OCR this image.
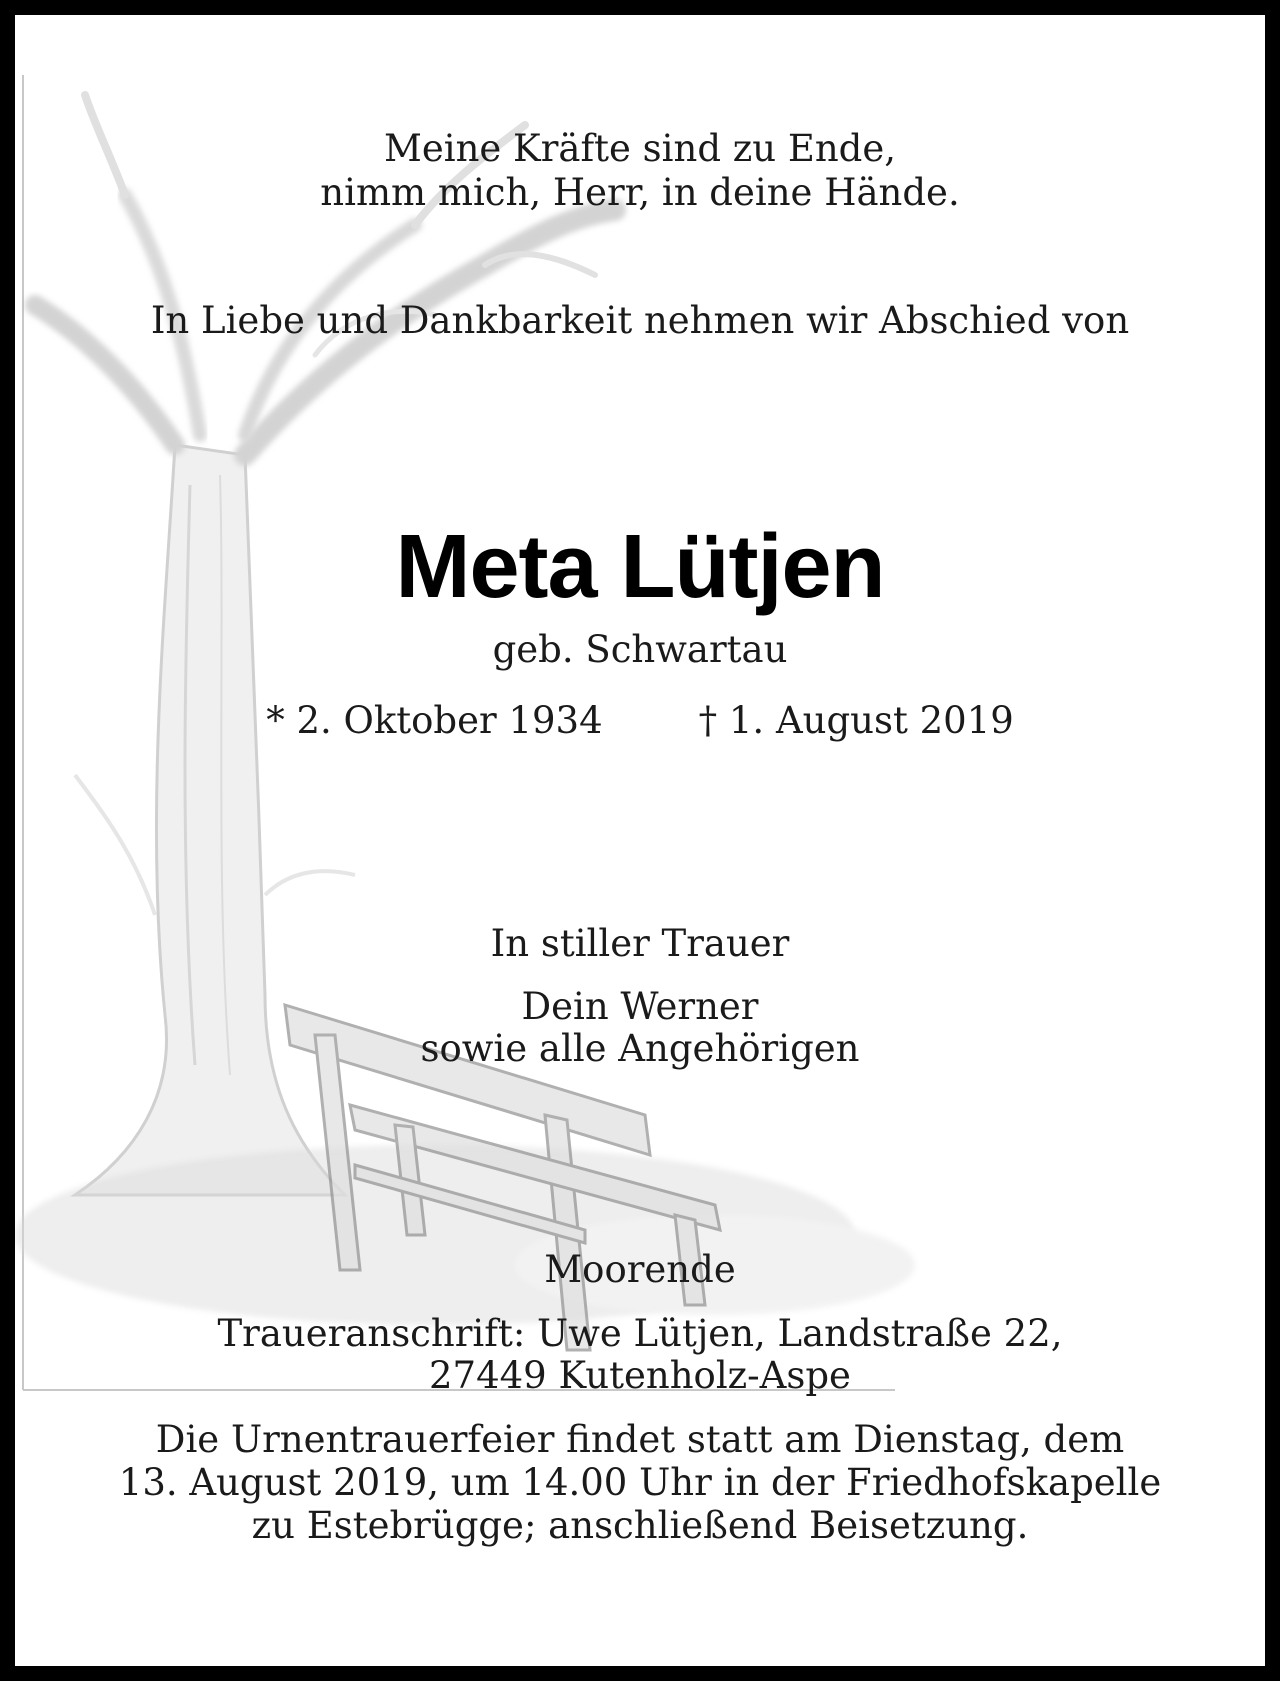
Meine Kräfte sind zu Ende,
nimm mich, Herr, in deine Hände.
In Liebe und Dankbarkeit nehmen wir Abschied von
Meta Lütjen
geb. Schwartau
* 2. Oktober 1934	† 1. August 2019
In stiller Trauer
Dein Werner
sowie alle Angehörigen
Moorende
Traueranschrift: Uwe Lütjen, Landstraße 22,
27449 Kutenholz-Aspe
Die Urnentrauerfeier findet statt am Dienstag, dem
13. August 2019, um 14.00 Uhr in der Friedhofskapelle
zu Estebrügge; anschließend Beisetzung.
